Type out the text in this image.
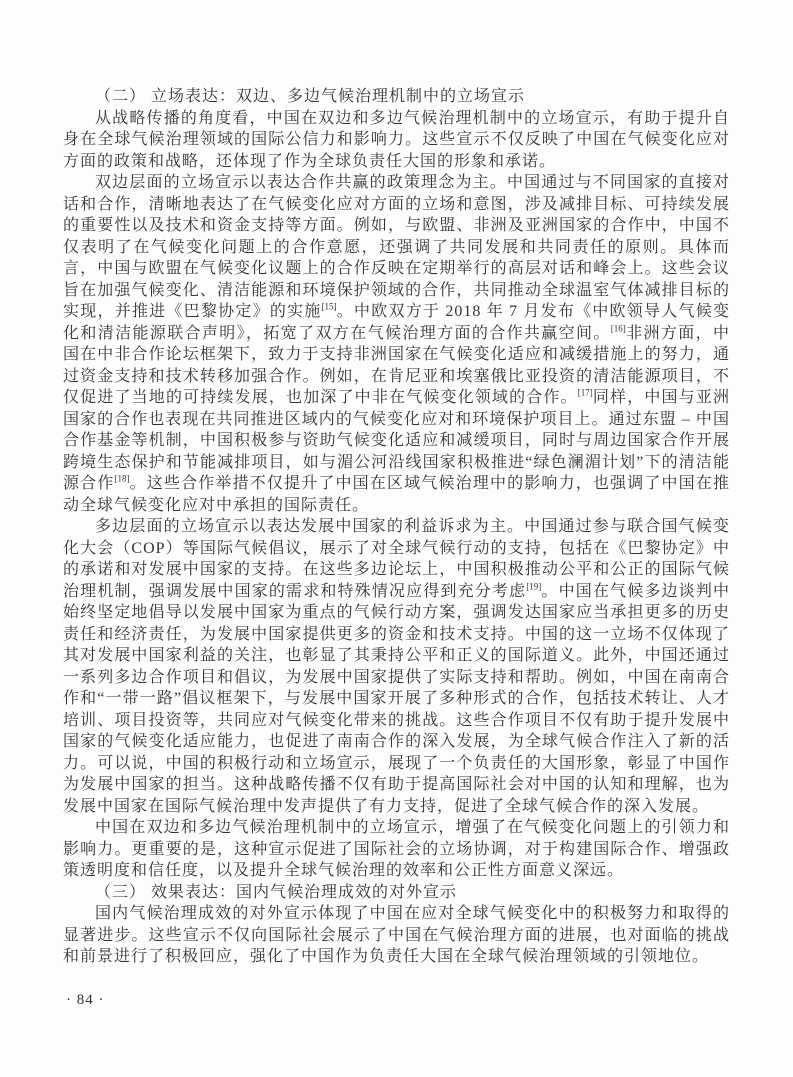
（二） 立场表达：双边、多边气候治理机制中的立场宣示

从战略传播的角度看，中国在双边和多边气候治理机制中的立场宣示，有助于提升自身在全球气候治理领域的国际公信力和影响力。这些宣示不仅反映了中国在气候变化应对方面的政策和战略，还体现了作为全球负责任大国的形象和承诺。

双边层面的立场宣示以表达合作共赢的政策理念为主。中国通过与不同国家的直接对话和合作，清晰地表达了在气候变化应对方面的立场和意图，涉及减排目标、可持续发展的重要性以及技术和资金支持等方面。例如，与欧盟、非洲及亚洲国家的合作中，中国不仅表明了在气候变化问题上的合作意愿，还强调了共同发展和共同责任的原则。具体而言，中国与欧盟在气候变化议题上的合作反映在定期举行的高层对话和峰会上。这些会议旨在加强气候变化、清洁能源和环境保护领域的合作，共同推动全球温室气体减排目标的实现，并推进《巴黎协定》的实施[15]。中欧双方于 2018 年 7 月发布《中欧领导人气候变化和清洁能源联合声明》，拓宽了双方在气候治理方面的合作共赢空间。[16]非洲方面，中国在中非合作论坛框架下，致力于支持非洲国家在气候变化适应和减缓措施上的努力，通过资金支持和技术转移加强合作。例如，在肯尼亚和埃塞俄比亚投资的清洁能源项目，不仅促进了当地的可持续发展，也加深了中非在气候变化领域的合作。[17]同样，中国与亚洲国家的合作也表现在共同推进区域内的气候变化应对和环境保护项目上。通过东盟 – 中国合作基金等机制，中国积极参与资助气候变化适应和减缓项目，同时与周边国家合作开展跨境生态保护和节能减排项目，如与湄公河沿线国家积极推进“绿色澜湄计划”下的清洁能源合作[18]。这些合作举措不仅提升了中国在区域气候治理中的影响力，也强调了中国在推动全球气候变化应对中承担的国际责任。

多边层面的立场宣示以表达发展中国家的利益诉求为主。中国通过参与联合国气候变化大会（COP）等国际气候倡议，展示了对全球气候行动的支持，包括在《巴黎协定》中的承诺和对发展中国家的支持。在这些多边论坛上，中国积极推动公平和公正的国际气候治理机制，强调发展中国家的需求和特殊情况应得到充分考虑[19]。中国在气候多边谈判中始终坚定地倡导以发展中国家为重点的气候行动方案，强调发达国家应当承担更多的历史责任和经济责任，为发展中国家提供更多的资金和技术支持。中国的这一立场不仅体现了其对发展中国家利益的关注，也彰显了其秉持公平和正义的国际道义。此外，中国还通过一系列多边合作项目和倡议，为发展中国家提供了实际支持和帮助。例如，中国在南南合作和“一带一路”倡议框架下，与发展中国家开展了多种形式的合作，包括技术转让、人才培训、项目投资等，共同应对气候变化带来的挑战。这些合作项目不仅有助于提升发展中国家的气候变化适应能力，也促进了南南合作的深入发展，为全球气候合作注入了新的活力。可以说，中国的积极行动和立场宣示，展现了一个负责任的大国形象，彰显了中国作为发展中国家的担当。这种战略传播不仅有助于提高国际社会对中国的认知和理解，也为发展中国家在国际气候治理中发声提供了有力支持，促进了全球气候合作的深入发展。

中国在双边和多边气候治理机制中的立场宣示，增强了在气候变化问题上的引领力和影响力。更重要的是，这种宣示促进了国际社会的立场协调，对于构建国际合作、增强政策透明度和信任度，以及提升全球气候治理的效率和公正性方面意义深远。

（三） 效果表达：国内气候治理成效的对外宣示

国内气候治理成效的对外宣示体现了中国在应对全球气候变化中的积极努力和取得的显著进步。这些宣示不仅向国际社会展示了中国在气候治理方面的进展，也对面临的挑战和前景进行了积极回应，强化了中国作为负责任大国在全球气候治理领域的引领地位。

· 84 ·
